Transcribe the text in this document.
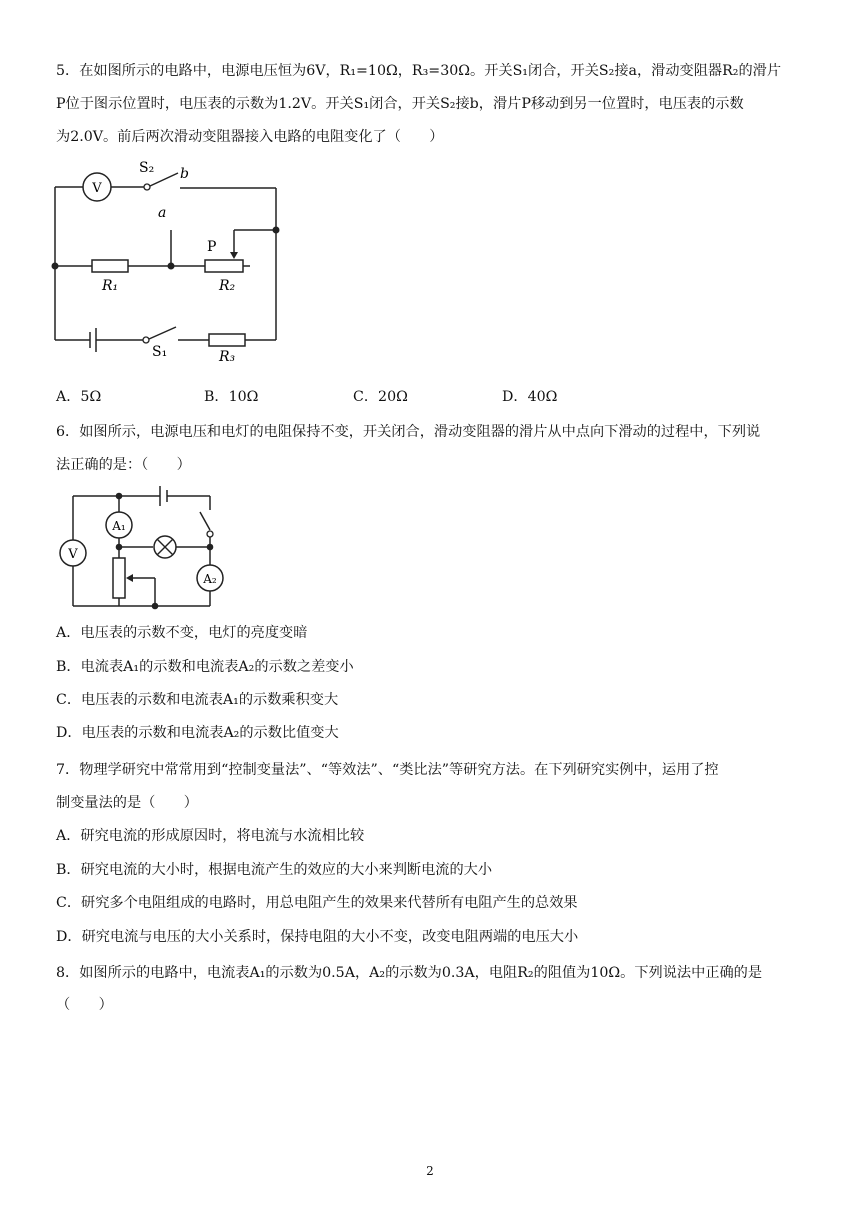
5．在如图所示的电路中，电源电压恒为6V，R₁=10Ω，R₃=30Ω。开关S₁闭合，开关S₂接a，滑动变阻器R₂的滑片
P位于图示位置时，电压表的示数为1.2V。开关S₁闭合，开关S₂接b，滑片P移动到另一位置时，电压表的示数
为2.0V。前后两次滑动变阻器接入电路的电阻变化了（　　）
V
S₂ b
a
P
R₁	R₂
S₁	R₃
A．5Ω	B．10Ω	C．20Ω	D．40Ω
6．如图所示，电源电压和电灯的电阻保持不变，开关闭合，滑动变阻器的滑片从中点向下滑动的过程中，下列说
法正确的是：（　　）
A₂
V
A₁
A．电压表的示数不变，电灯的亮度变暗
B．电流表A₁的示数和电流表A₂的示数之差变小
C．电压表的示数和电流表A₁的示数乘积变大
D．电压表的示数和电流表A₂的示数比值变大
7．物理学研究中常常用到“控制变量法”、“等效法”、“类比法”等研究方法。在下列研究实例中，运用了控
制变量法的是（　　）
A．研究电流的形成原因时，将电流与水流相比较
B．研究电流的大小时，根据电流产生的效应的大小来判断电流的大小
C．研究多个电阻组成的电路时，用总电阻产生的效果来代替所有电阻产生的总效果
D．研究电流与电压的大小关系时，保持电阻的大小不变，改变电阻两端的电压大小
8．如图所示的电路中，电流表A₁的示数为0.5A，A₂的示数为0.3A，电阻R₂的阻值为10Ω。下列说法中正确的是
（　　）
2
